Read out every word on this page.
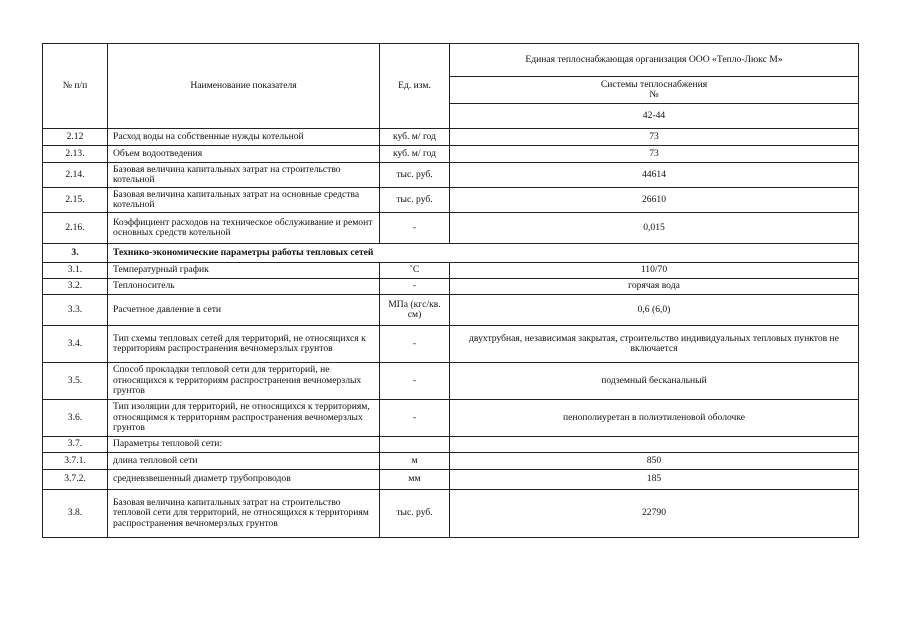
№ п/п	Наименование показателя	Ед. изм.	Единая теплоснабжающая организация ООО «Тепло-Люкс М»

			Системы теплоснабжения
№

			42-44
2.12	Расход воды на собственные нужды котельной	куб. м/ год	73
2.13.	Объем водоотведения	куб. м/ год	73
2.14.	Базовая величина капитальных затрат на строительство котельной	тыс. руб.	44614
2.15.	Базовая величина капитальных затрат на основные средства котельной	тыс. руб.	26610
2.16.	Коэффициент расходов на техническое обслуживание и ремонт основных средств котельной	-	0,015
3.	Технико-экономические параметры работы тепловых сетей		
3.1.	Температурный график	˚С	110/70
3.2.	Теплоноситель	-	горячая вода
3.3.	Расчетное давление в сети	МПа (кгс/кв. см)	0,6 (6,0)
3.4.	Тип схемы тепловых сетей для территорий, не относящихся к территориям распространения вечномерзлых грунтов	-	двухтрубная, независимая закрытая, строительство индивидуальных тепловых пунктов не включается
3.5.	Способ прокладки тепловой сети для территорий, не относящихся к территориям распространения вечномерзлых грунтов	-	подземный бесканальный
3.6.	Тип изоляции для территорий, не относящихся к территориям, относящимся к территориям распространения вечномерзлых грунтов	-	пенополиуретан в полиэтиленовой оболочке
3.7.	Параметры тепловой сети:		
3.7.1.	длина тепловой сети	м	850
3.7.2.	средневзвешенный диаметр трубопроводов	мм	185
3.8.	Базовая величина капитальных затрат на строительство тепловой сети для территорий, не относящихся к территориям распространения вечномерзлых грунтов	тыс. руб.	22790
